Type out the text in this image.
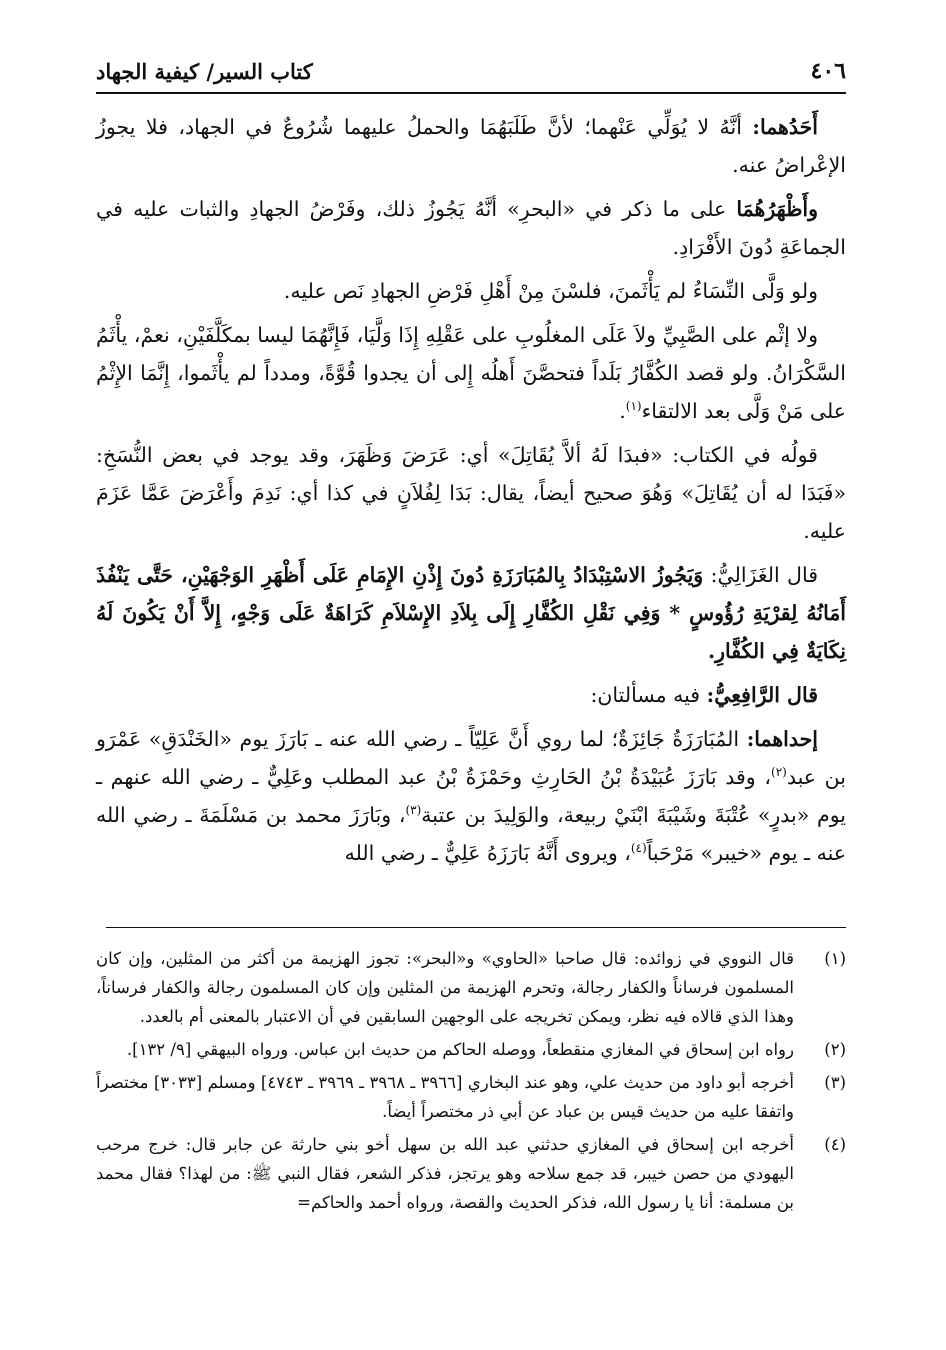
٤٠٦
كتاب السير/ كيفية الجهاد

أَحَدُهما: أنَّهُ لا يُوَلِّي عَنْهما؛ لأنَّ طَلَبَهُمَا والحملُ عليهما شُرُوعٌ في الجهاد، فلا يجوزُ الإعْراضُ عنه.

وأَظْهَرُهُمَا على ما ذكر في «البحرِ» أنَّهُ يَجُوزُ ذلك، وفَرْضُ الجهادِ والثبات عليه في الجماعَةِ دُونَ الأَفْرَادِ.

ولو وَلَّى النِّسَاءُ لم يَأْثَمنَ، فلسْنَ مِنْ أَهْلِ فَرْضِ الجهادِ نَص عليه.

ولا إثْم على الصَّبِيِّ ولاَ عَلَى المغلُوبِ على عَقْلِهِ إِذَا وَلَّيَا، فَإِنَّهُمَا ليسا بمكَلَّفَيْنِ، نعمْ، يأْثَمُ السَّكْرَانُ. ولو قصد الكُفَّارُ بَلَداً فتحصَّنَ أَهلُه إِلى أن يجدوا قُوَّةً، ومدداً لم يأْثَموا، إِنَّمَا الإِثْمُ على مَنْ وَلَّى بعد الالتقاء$^{(١)}$.

قولُه في الكتاب: «فبدَا لَهُ ألاَّ يُقَاتِلَ» أي: عَرَضَ وَظَهَرَ، وقد يوجد في بعض النُّسَخِ: «فَبَدَا له أن يُقَاتِلَ» وَهُوَ صحيح أيضاً، يقال: بَدَا لِفُلاَنٍ في كذا أي: نَدِمَ وأَعْرَضَ عَمَّا عَزَمَ عليه.

قال الغَزَالِيُّ: وَيَجُوزُ الاسْتِبْدَادُ بِالمُبَارَزَةِ دُونَ إِذْنِ الإِمَامِ عَلَى أَظْهَرِ الوَجْهَيْنِ، حَتَّى يَنْفُذَ أَمَانُهُ لِقرْيَةِ رُؤُوسٍ * وَفِي نَقْلِ الكُفَّارِ إِلَى بِلاَدِ الإِسْلاَمِ كَرَاهَةٌ عَلَى وَجْهٍ، إِلاَّ أَنْ يَكُونَ لَهُ نِكَايَةٌ فِي الكُفَّارِ.

قال الرَّافِعِيُّ: فيه مسألتان:

إحداهما: المُبَارَزَةُ جَائِزَةٌ؛ لما روي أَنَّ عَلِيّاً ـ رضي الله عنه ـ بَارَزَ يوم «الخَنْدَقِ» عَمْرَو بن عبد$^{(٢)}$، وقد بَارَزَ عُبَيْدَةُ بْنُ الحَارِثِ وحَمْزَةُ بْنُ عبد المطلب وعَلِيٌّ ـ رضي الله عنهم ـ يوم «بدرٍ» عُتْبَةَ وشَيْبَةَ ابْنَيْ ربيعة، والوَلِيدَ بن عتبة$^{(٣)}$، وبَارَزَ محمد بن مَسْلَمَةَ ـ رضي الله عنه ـ يوم «خيبر» مَرْحَباً$^{(٤)}$، ويروى أَنَّهُ بَارَزَهُ عَلِيٌّ ـ رضي الله

(١)
قال النووي في زوائده: قال صاحبا «الحاوي» و«البحر»: تجوز الهزيمة من أكثر من المثلين، وإن كان المسلمون فرساناً والكفار رجالة، وتحرم الهزيمة من المثلين وإن كان المسلمون رجالة والكفار فرساناً، وهذا الذي قالاه فيه نظر، ويمكن تخريجه على الوجهين السابقين في أن الاعتبار بالمعنى أم بالعدد.
(٢)
رواه ابن إسحاق في المغازي منقطعاً، ووصله الحاكم من حديث ابن عباس. ورواه البيهقي [٩/ ١٣٢].
(٣)
أخرجه أبو داود من حديث علي، وهو عند البخاري [٣٩٦٦ ـ ٣٩٦٨ ـ ٣٩٦٩ ـ ٤٧٤٣] ومسلم [٣٠٣٣] مختصراً واتفقا عليه من حديث قيس بن عباد عن أبي ذر مختصراً أيضاً.
(٤)
أخرجه ابن إسحاق في المغازي حدثني عبد الله بن سهل أخو بني حارثة عن جابر قال: خرج مرحب اليهودي من حصن خيبر، قد جمع سلاحه وهو يرتجز، فذكر الشعر، فقال النبي ﷺ: من لهذا؟ فقال محمد بن مسلمة: أنا يا رسول الله، فذكر الحديث والقصة، ورواه أحمد والحاكم=
